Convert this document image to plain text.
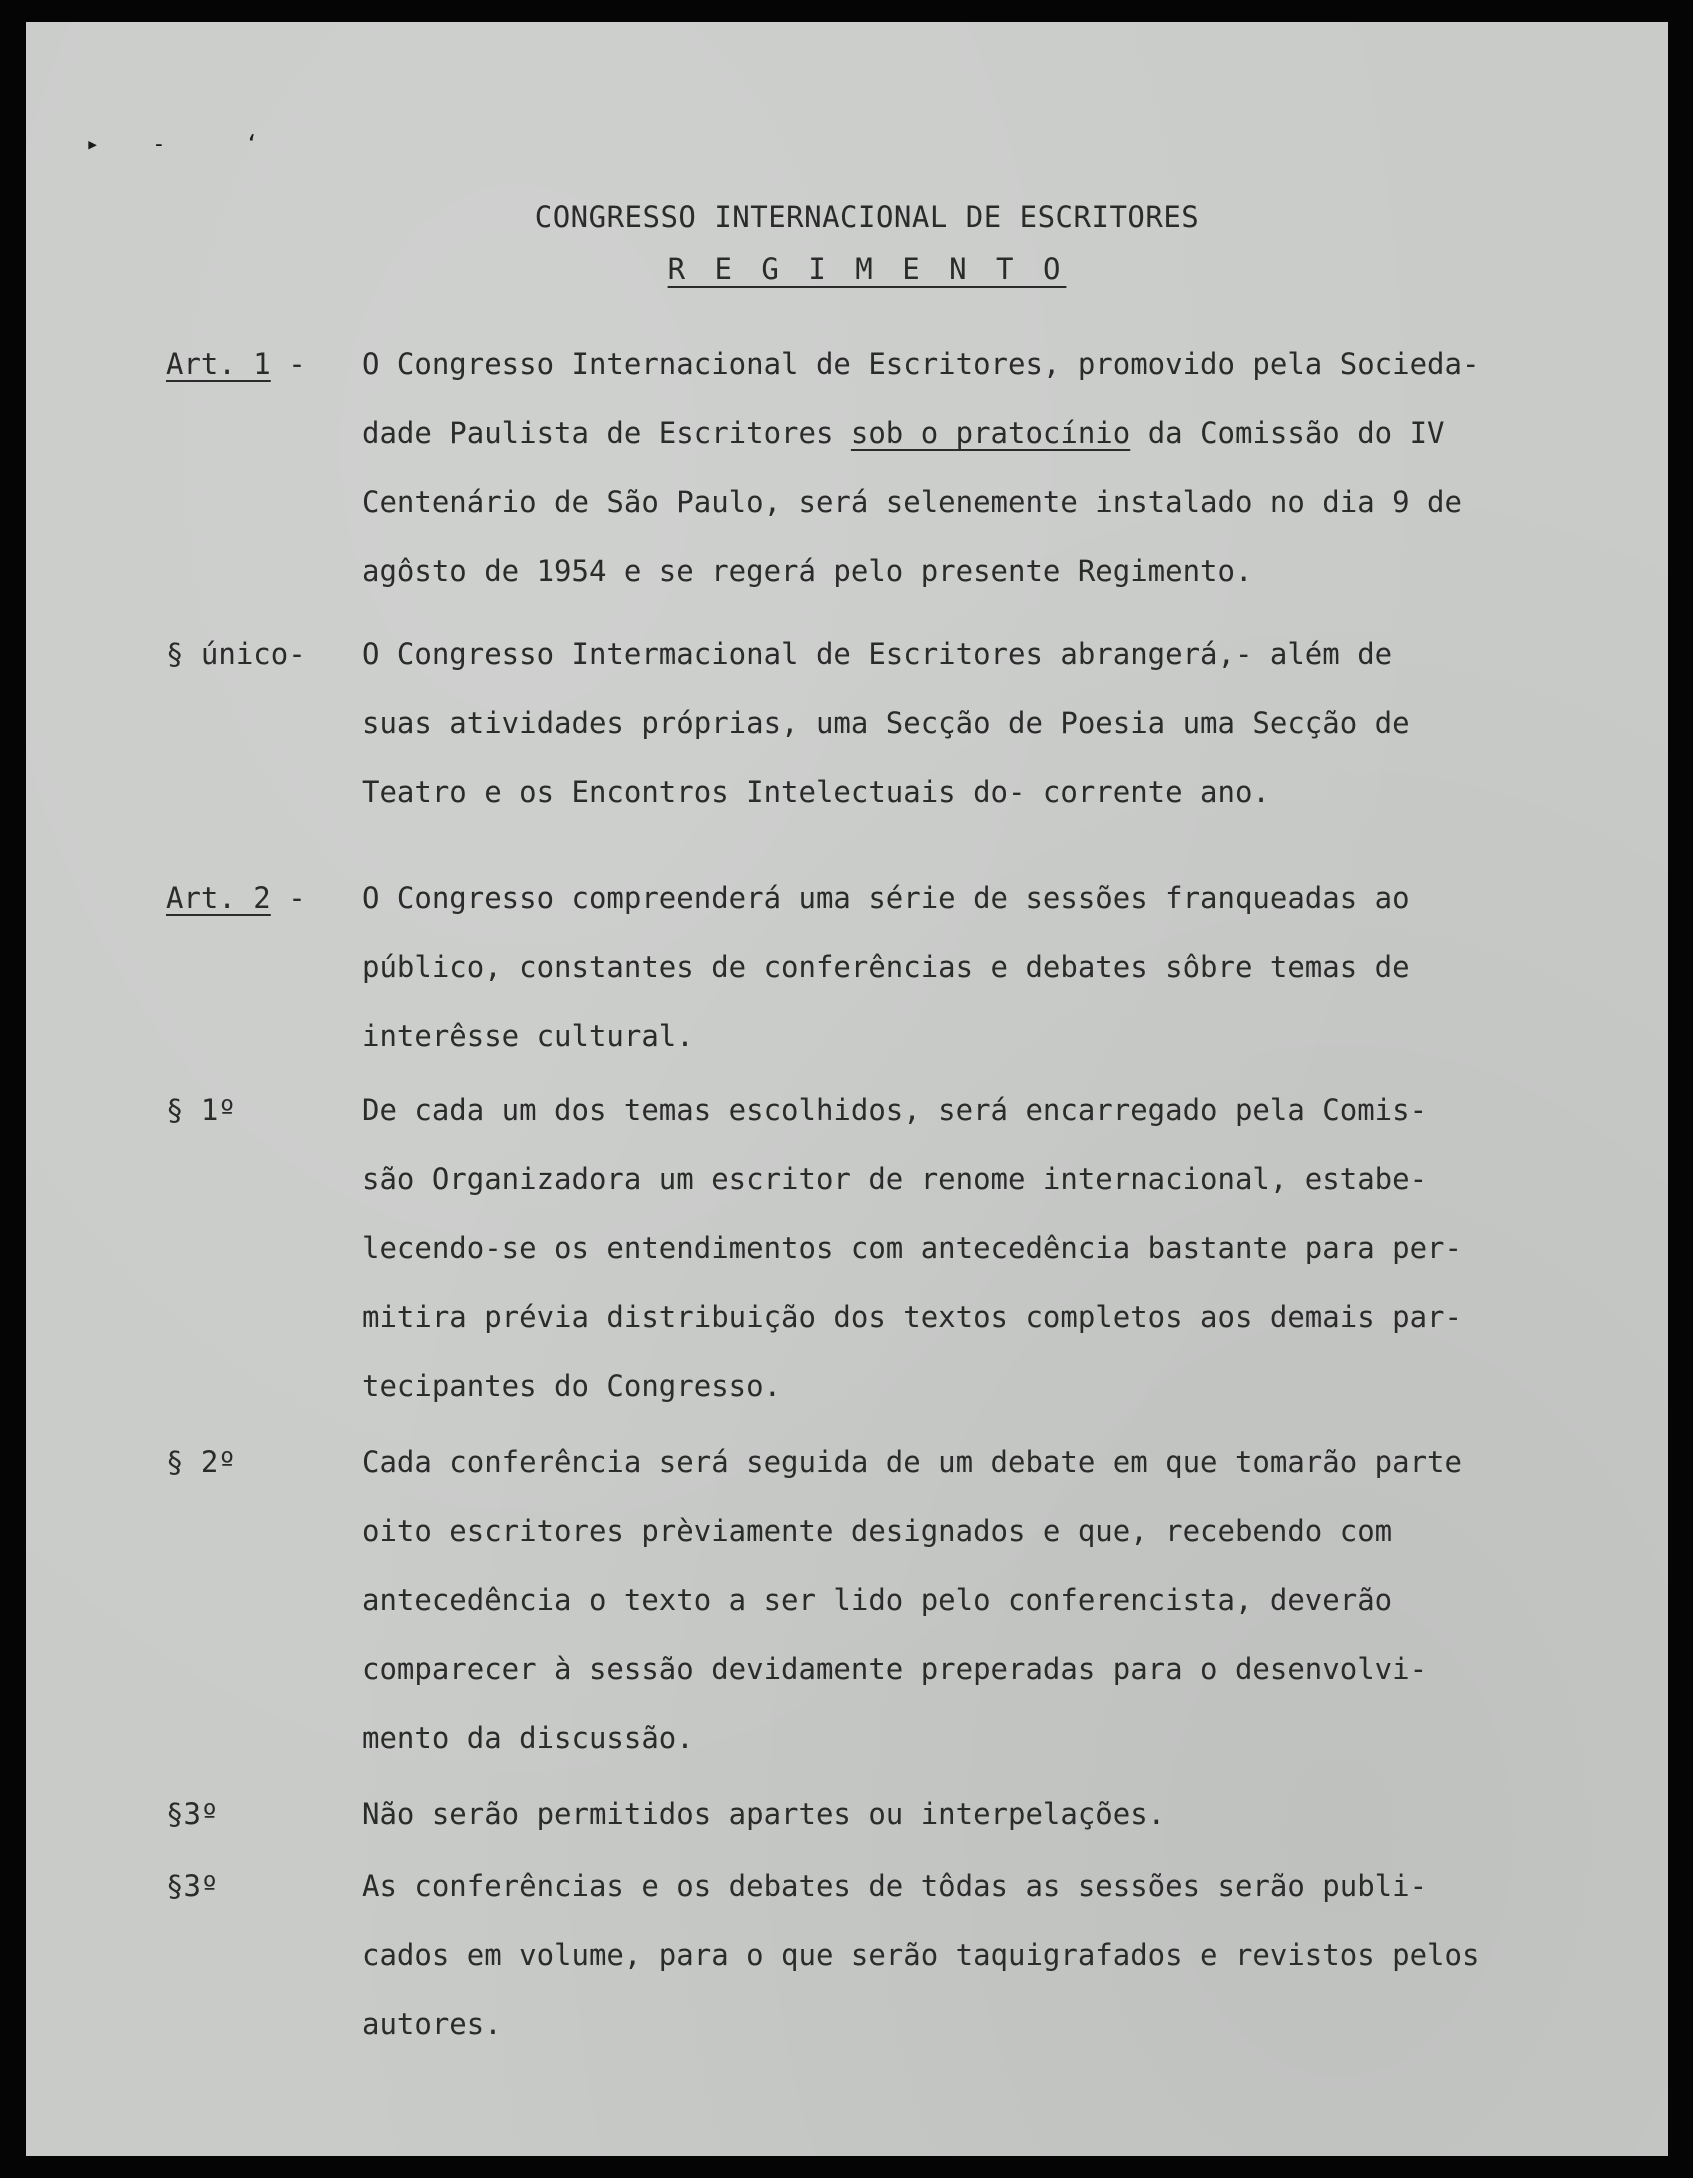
▸    ‐      ʻ
CONGRESSO INTERNACIONAL DE ESCRITORES
R E G I M E N T O
Art. 1 - O Congresso Internacional de Escritores, promovido pela Socieda-
dade Paulista de Escritores sob o pratocínio da Comissão do IV
Centenário de São Paulo, será selenemente instalado no dia 9 de
agôsto de 1954 e se regerá pelo presente Regimento.
§ único- O Congresso Intermacional de Escritores abrangerá,- além de
suas atividades próprias, uma Secção de Poesia uma Secção de
Teatro e os Encontros Intelectuais do- corrente ano.
Art. 2 - O Congresso compreenderá uma série de sessões franqueadas ao
público, constantes de conferências e debates sôbre temas de
interêsse cultural.
§ 1º	De cada um dos temas escolhidos, será encarregado pela Comis-
são Organizadora um escritor de renome internacional, estabe-
lecendo-se os entendimentos com antecedência bastante para per-
mitira prévia distribuição dos textos completos aos demais par-
tecipantes do Congresso.
§ 2º	Cada conferência será seguida de um debate em que tomarão parte
oito escritores prèviamente designados e que, recebendo com
antecedência o texto a ser lido pelo conferencista, deverão
comparecer à sessão devidamente preperadas para o desenvolvi-
mento da discussão.
§3º	Não serão permitidos apartes ou interpelações.
§3º	As conferências e os debates de tôdas as sessões serão publi-
cados em volume, para o que serão taquigrafados e revistos pelos
autores.
